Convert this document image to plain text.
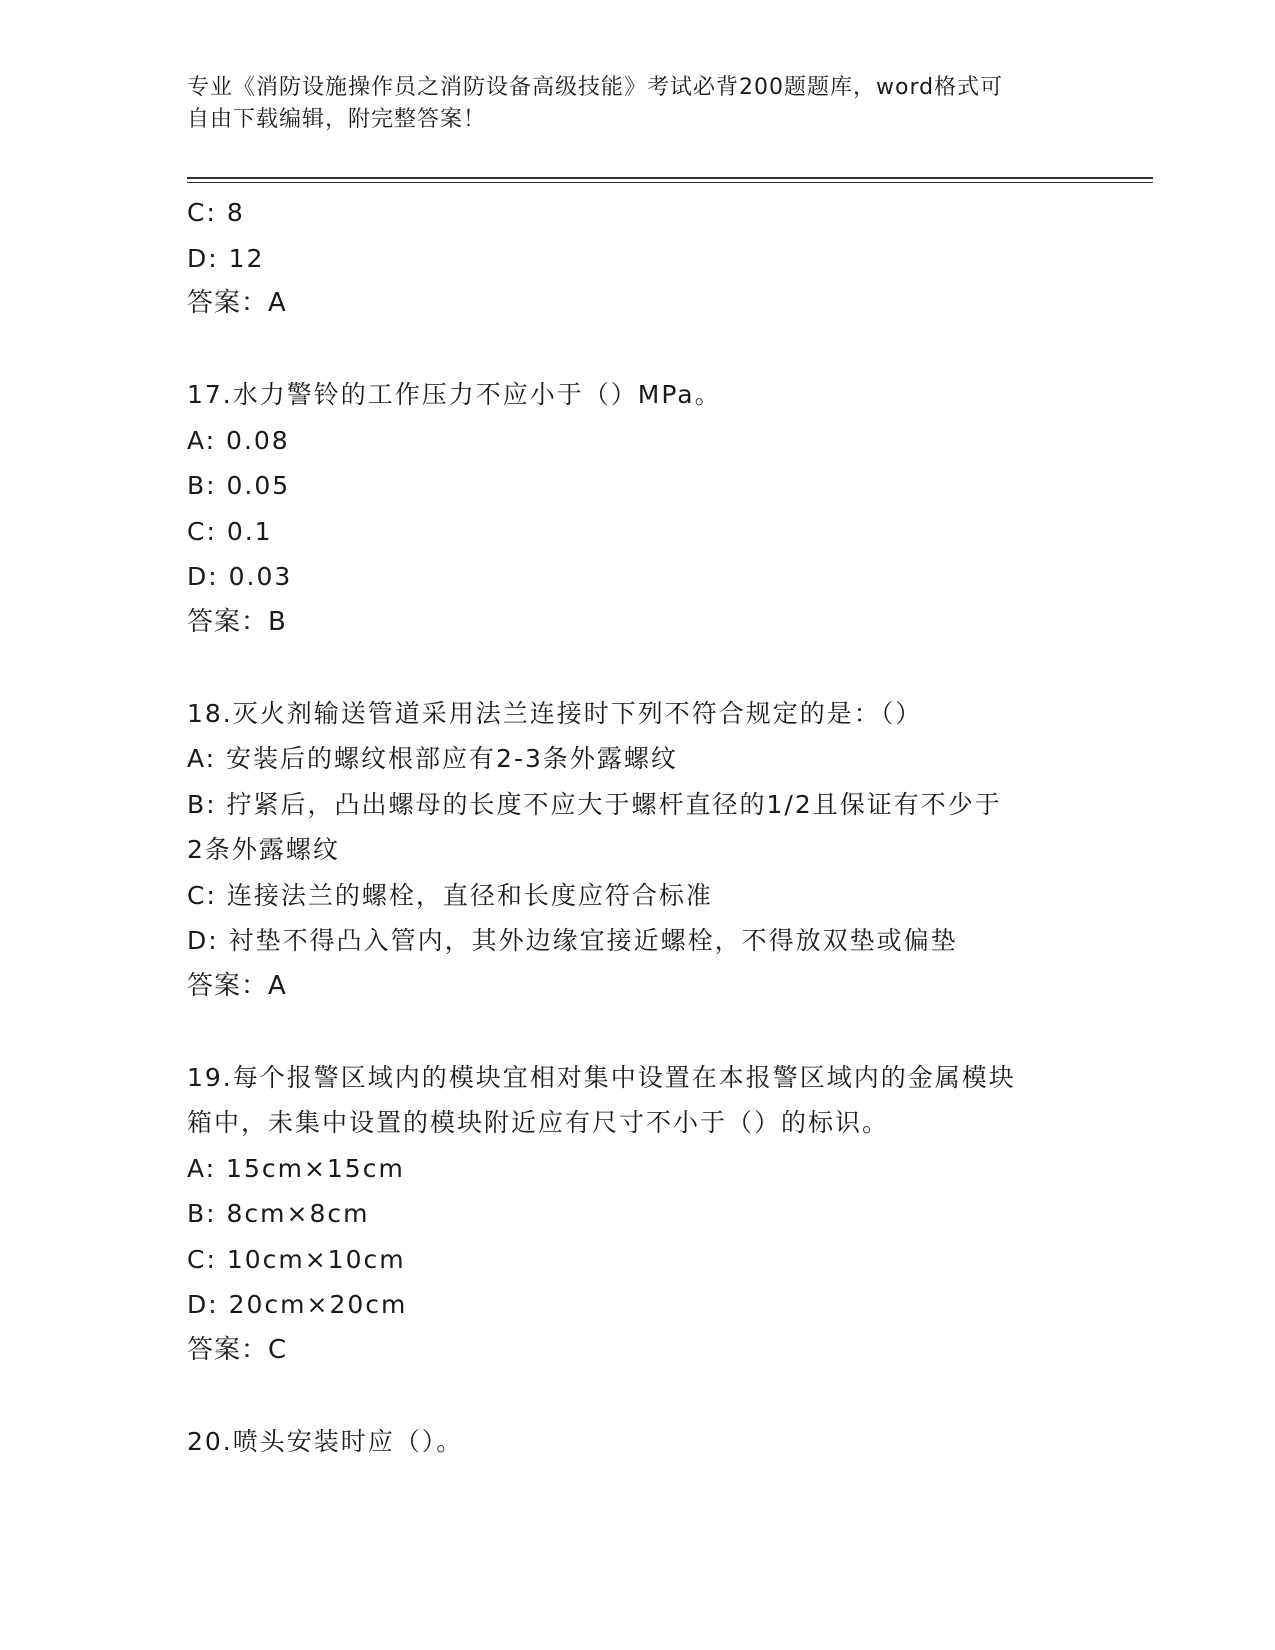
专业《消防设施操作员之消防设备高级技能》考试必背200题题库，word格式可
自由下载编辑，附完整答案！
C: 8
D: 12
答案：A
17.水力警铃的工作压力不应小于（）MPa。
A: 0.08
B: 0.05
C: 0.1
D: 0.03
答案：B
18.灭火剂输送管道采用法兰连接时下列不符合规定的是：（）
A: 安装后的螺纹根部应有2-3条外露螺纹
B: 拧紧后，凸出螺母的长度不应大于螺杆直径的1/2且保证有不少于
2条外露螺纹
C: 连接法兰的螺栓，直径和长度应符合标准
D: 衬垫不得凸入管内，其外边缘宜接近螺栓，不得放双垫或偏垫
答案：A
19.每个报警区域内的模块宜相对集中设置在本报警区域内的金属模块
箱中，未集中设置的模块附近应有尺寸不小于（）的标识。
A: 15cm×15cm
B: 8cm×8cm
C: 10cm×10cm
D: 20cm×20cm
答案：C
20.喷头安装时应（）。
